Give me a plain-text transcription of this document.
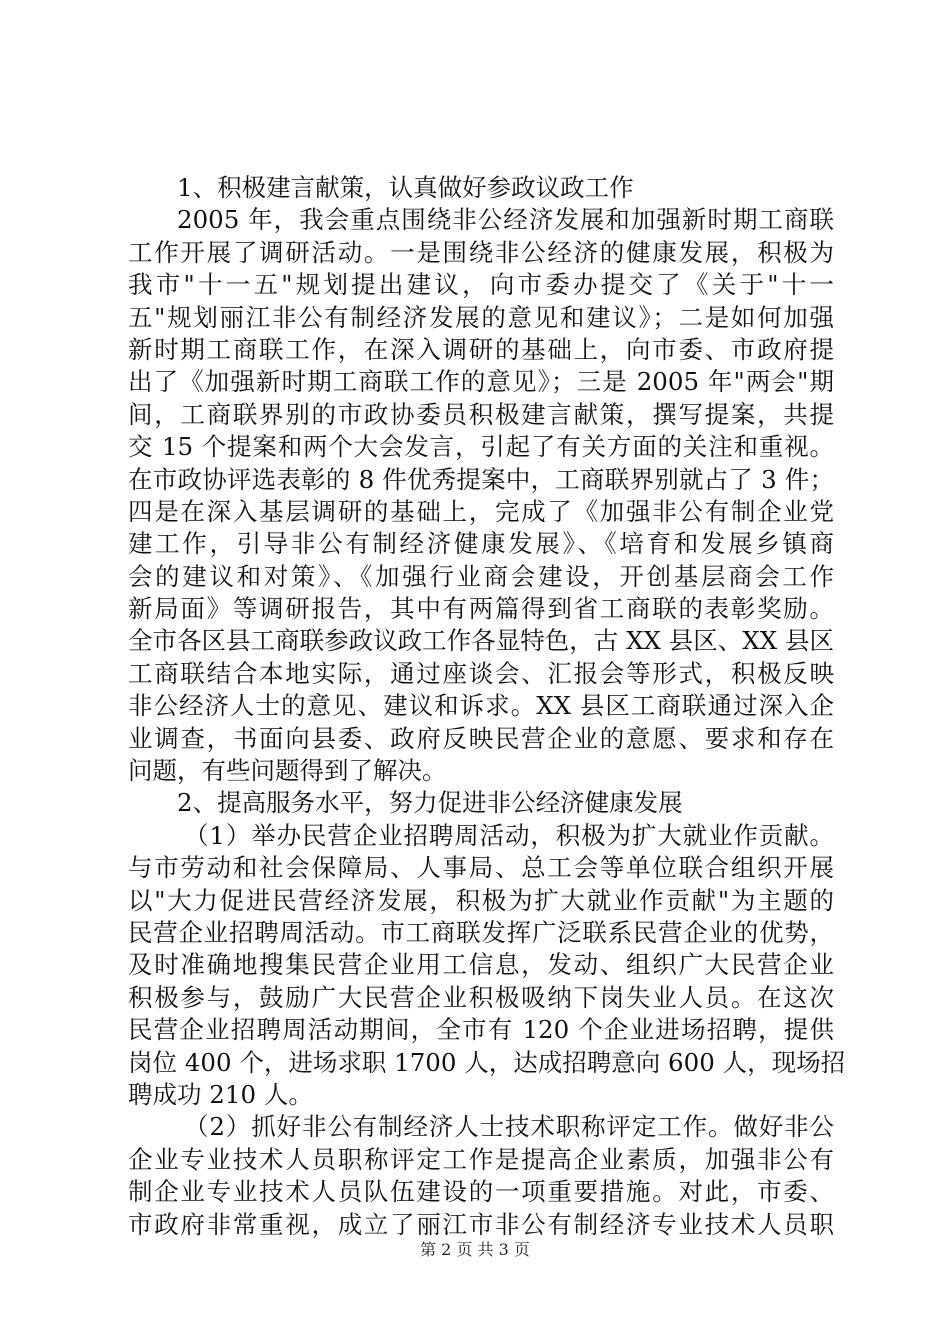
1、积极建言献策，认真做好参政议政工作
2005 年，我会重点围绕非公经济发展和加强新时期工商联
工作开展了调研活动。一是围绕非公经济的健康发展，积极为
我市"十一五"规划提出建议，向市委办提交了《关于"十一
五"规划丽江非公有制经济发展的意见和建议》；二是如何加强
新时期工商联工作，在深入调研的基础上，向市委、市政府提
出了《加强新时期工商联工作的意见》；三是 2005 年"两会"期
间，工商联界别的市政协委员积极建言献策，撰写提案，共提
交 15 个提案和两个大会发言，引起了有关方面的关注和重视。
在市政协评选表彰的 8 件优秀提案中，工商联界别就占了 3 件；
四是在深入基层调研的基础上，完成了《加强非公有制企业党
建工作，引导非公有制经济健康发展》、《培育和发展乡镇商
会的建议和对策》、《加强行业商会建设，开创基层商会工作
新局面》等调研报告，其中有两篇得到省工商联的表彰奖励。
全市各区县工商联参政议政工作各显特色，古 XX 县区、XX 县区
工商联结合本地实际，通过座谈会、汇报会等形式，积极反映
非公经济人士的意见、建议和诉求。XX 县区工商联通过深入企
业调查，书面向县委、政府反映民营企业的意愿、要求和存在
问题，有些问题得到了解决。
2、提高服务水平，努力促进非公经济健康发展
（1）举办民营企业招聘周活动，积极为扩大就业作贡献。
与市劳动和社会保障局、人事局、总工会等单位联合组织开展
以"大力促进民营经济发展，积极为扩大就业作贡献"为主题的
民营企业招聘周活动。市工商联发挥广泛联系民营企业的优势，
及时准确地搜集民营企业用工信息，发动、组织广大民营企业
积极参与，鼓励广大民营企业积极吸纳下岗失业人员。在这次
民营企业招聘周活动期间，全市有 120 个企业进场招聘，提供
岗位 400 个，进场求职 1700 人，达成招聘意向 600 人，现场招
聘成功 210 人。
（2）抓好非公有制经济人士技术职称评定工作。做好非公
企业专业技术人员职称评定工作是提高企业素质，加强非公有
制企业专业技术人员队伍建设的一项重要措施。对此，市委、
市政府非常重视，成立了丽江市非公有制经济专业技术人员职
第 2 页 共 3 页
